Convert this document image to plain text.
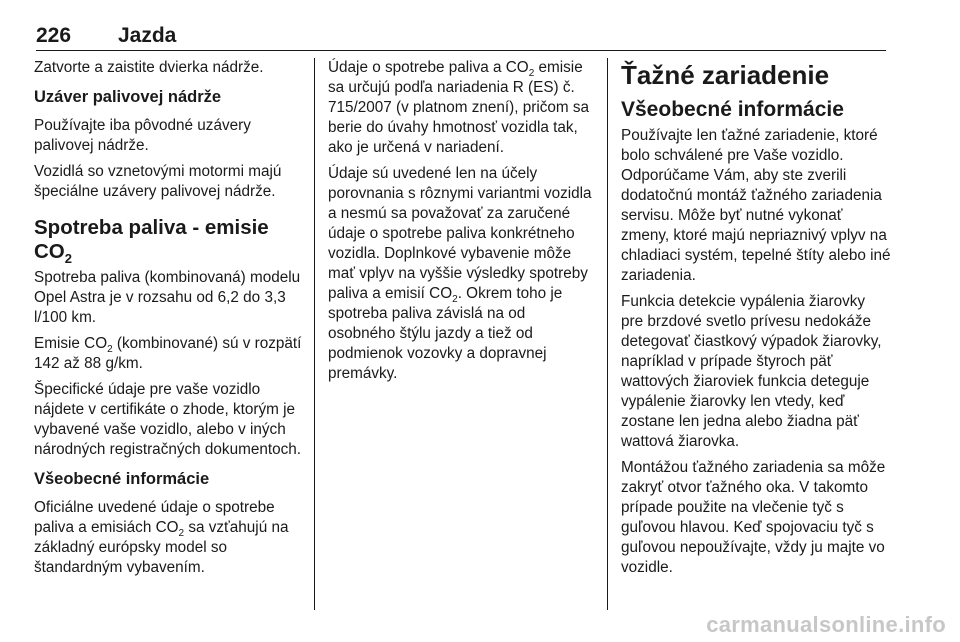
226 Jazda

Zatvorte a zaistite dvierka nádrže.

Uzáver palivovej nádrže

Používajte iba pôvodné uzávery palivovej nádrže.

Vozidlá so vznetovými motormi majú špeciálne uzávery palivovej nádrže.

Spotreba paliva - emisie $CO_2$

Spotreba paliva (kombinovaná) modelu Opel Astra je v rozsahu od 6,2 do 3,3 l/100 km.

Emisie $CO_2$ (kombinované) sú v rozpätí 142 až 88 g/km.

Špecifické údaje pre vaše vozidlo nájdete v certifikáte o zhode, ktorým je vybavené vaše vozidlo, alebo v iných národných registračných dokumentoch.

Všeobecné informácie

Oficiálne uvedené údaje o spotrebe paliva a emisiách $CO_2$ sa vzťahujú na základný európsky model so štandardným vybavením.

Údaje o spotrebe paliva a $CO_2$ emisie sa určujú podľa nariadenia R (ES) č. 715/2007 (v platnom znení), pričom sa berie do úvahy hmotnosť vozidla tak, ako je určená v nariadení.

Údaje sú uvedené len na účely porovnania s rôznymi variantmi vozidla a nesmú sa považovať za zaručené údaje o spotrebe paliva konkrétneho vozidla. Doplnkové vybavenie môže mať vplyv na vyššie výsledky spotreby paliva a emisií $CO_2$. Okrem toho je spotreba paliva závislá na od osobného štýlu jazdy a tiež od podmienok vozovky a dopravnej premávky.

Ťažné zariadenie
Všeobecné informácie

Používajte len ťažné zariadenie, ktoré bolo schválené pre Vaše vozidlo. Odporúčame Vám, aby ste zverili dodatočnú montáž ťažného zariadenia servisu. Môže byť nutné vykonať zmeny, ktoré majú nepriaznivý vplyv na chladiaci systém, tepelné štíty alebo iné zariadenia.

Funkcia detekcie vypálenia žiarovky pre brzdové svetlo prívesu nedokáže detegovať čiastkový výpadok žiarovky, napríklad v prípade štyroch päť wattových žiaroviek funkcia deteguje vypálenie žiarovky len vtedy, keď zostane len jedna alebo žiadna päť wattová žiarovka.

Montážou ťažného zariadenia sa môže zakryť otvor ťažného oka. V takomto prípade použite na vlečenie tyč s guľovou hlavou. Keď spojovaciu tyč s guľovou nepoužívajte, vždy ju majte vo vozidle.

carmanualsonline.info
